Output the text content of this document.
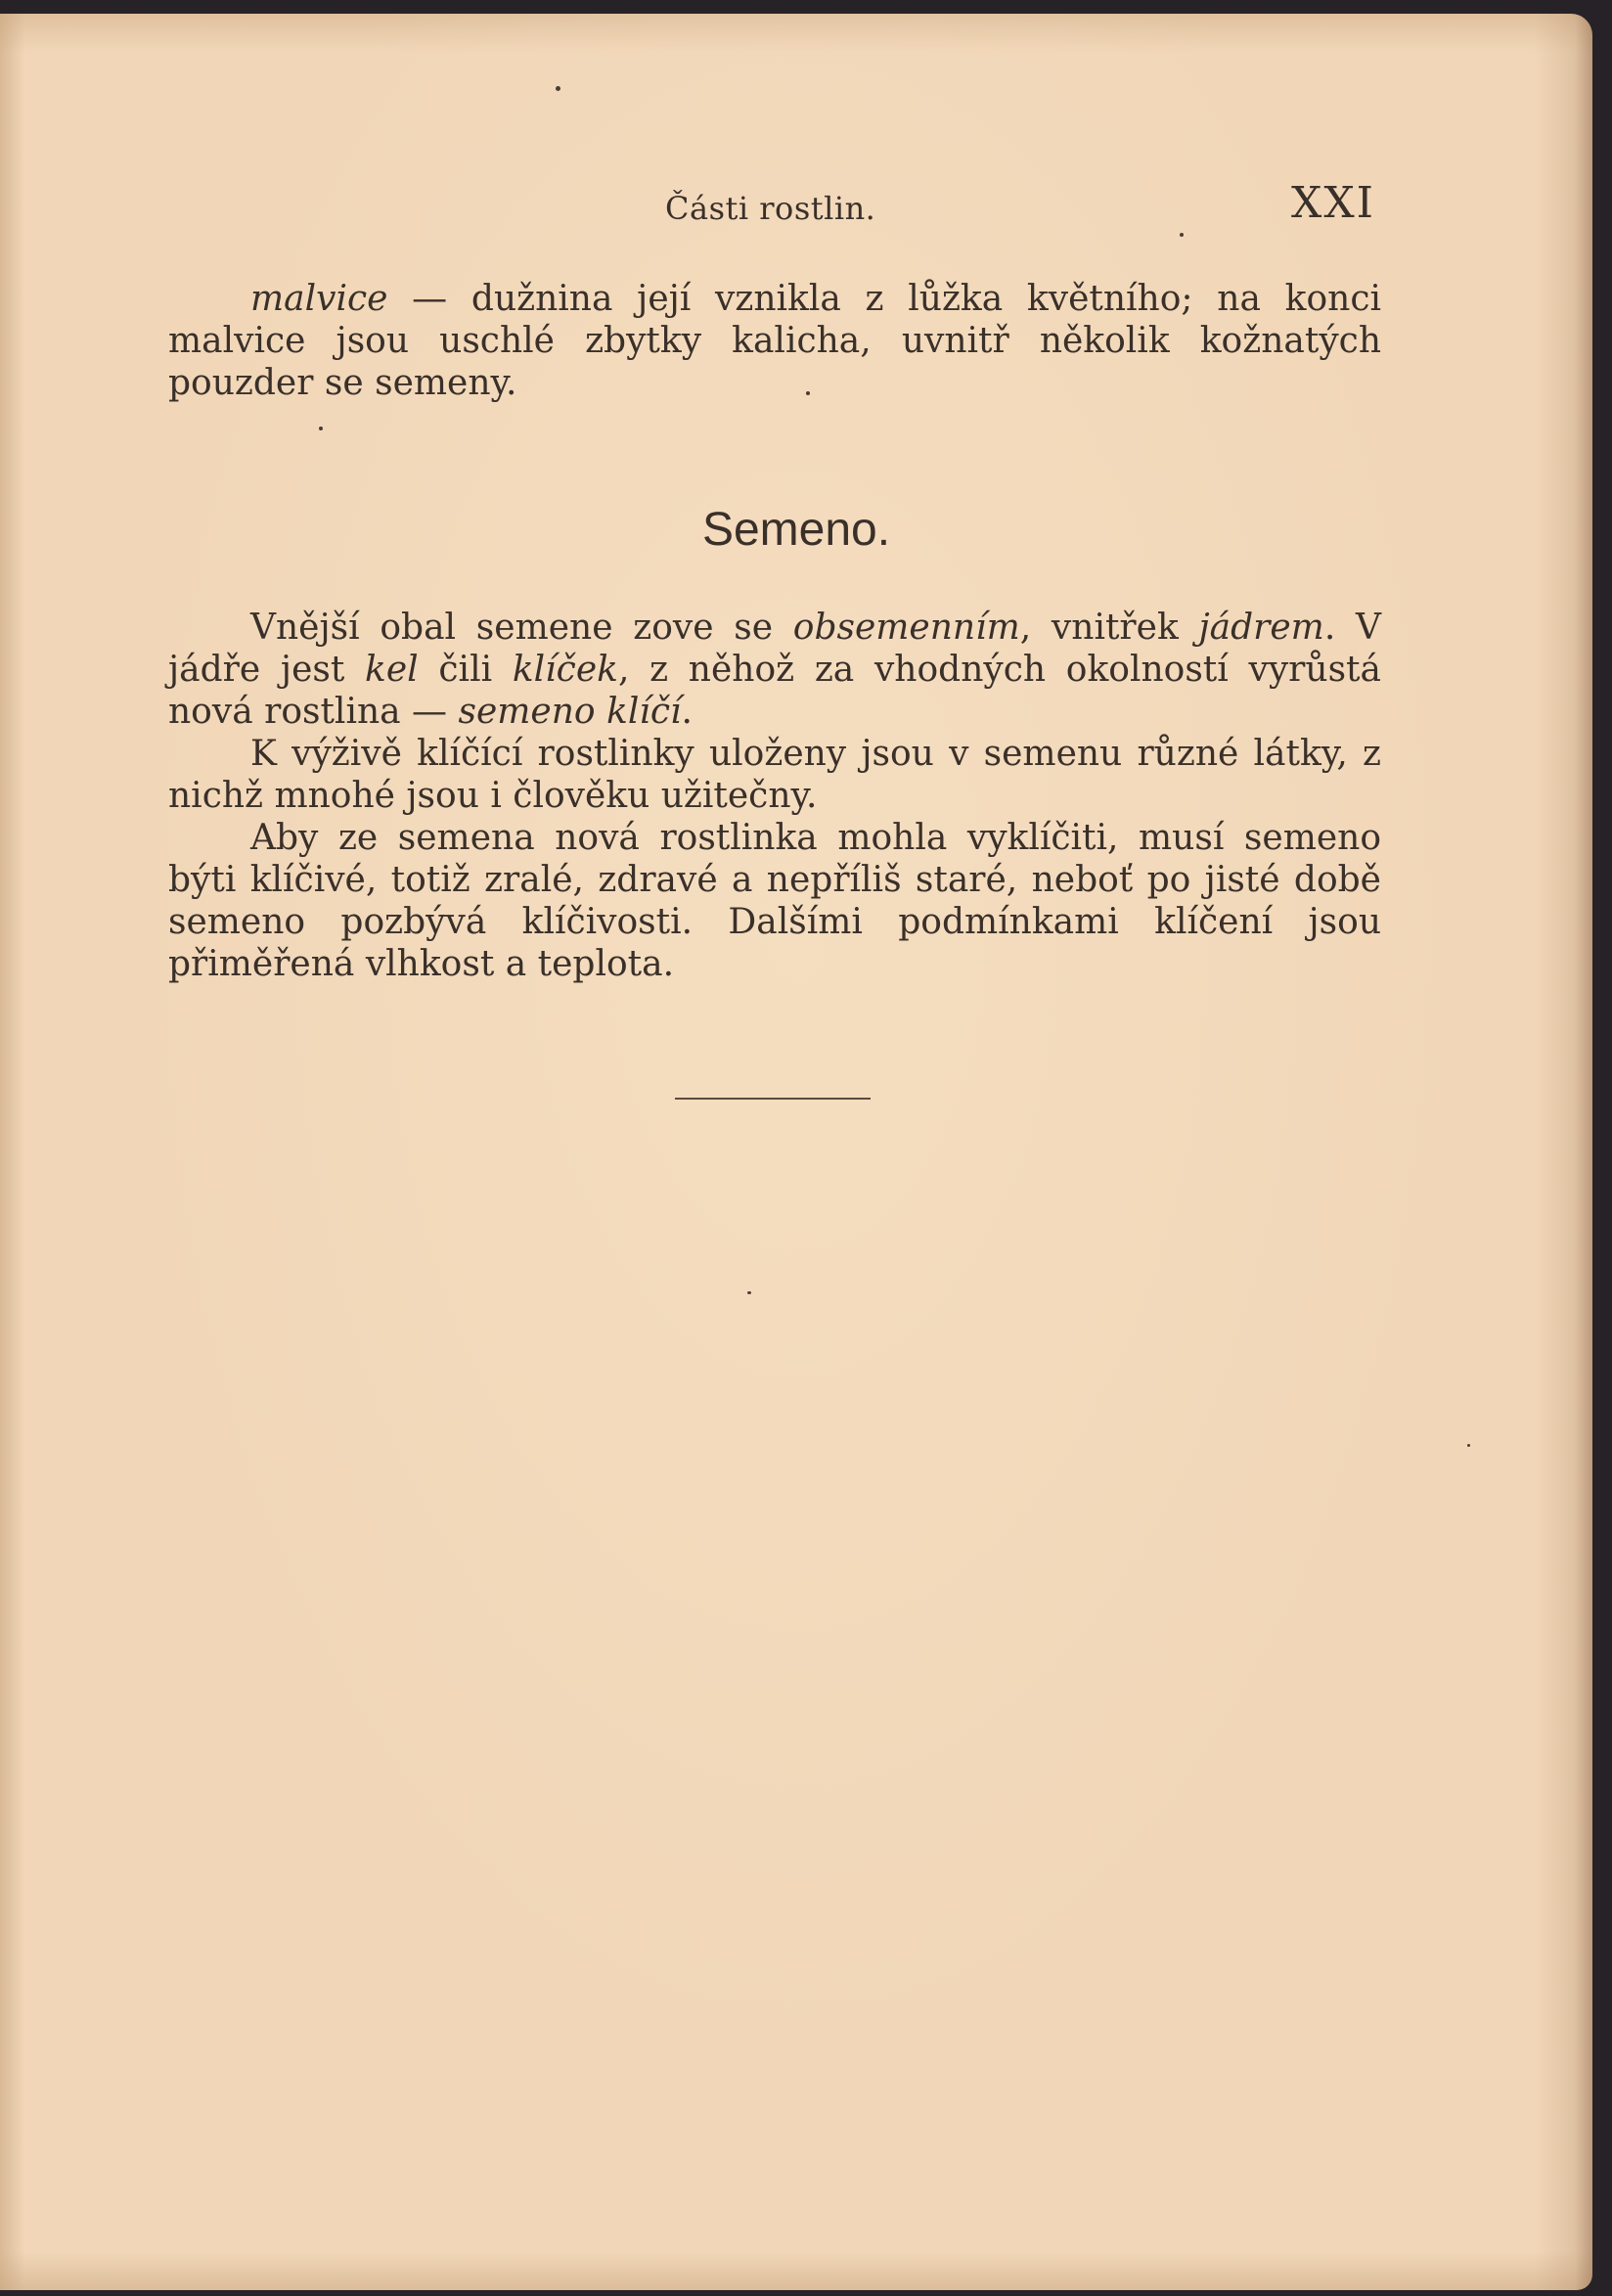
Části rostlin.	XXI

malvice — dužnina její vznikla z lůžka květního; na konci malvice jsou uschlé zbytky kalicha, uvnitř několik kožnatých pouzder se semeny.

Semeno.

Vnější obal semene zove se obsemenním, vnitřek jádrem. V jádře jest kel čili klíček, z něhož za vhodných okolností vyrůstá nová rostlina — semeno klíčí.

K výživě klíčící rostlinky uloženy jsou v semenu různé látky, z nichž mnohé jsou i člověku užitečny.

Aby ze semena nová rostlinka mohla vyklíčiti, musí semeno býti klíčivé, totiž zralé, zdravé a nepříliš staré, neboť po jisté době semeno pozbývá klíčivosti. Dalšími podmínkami klíčení jsou přiměřená vlhkost a teplota.
